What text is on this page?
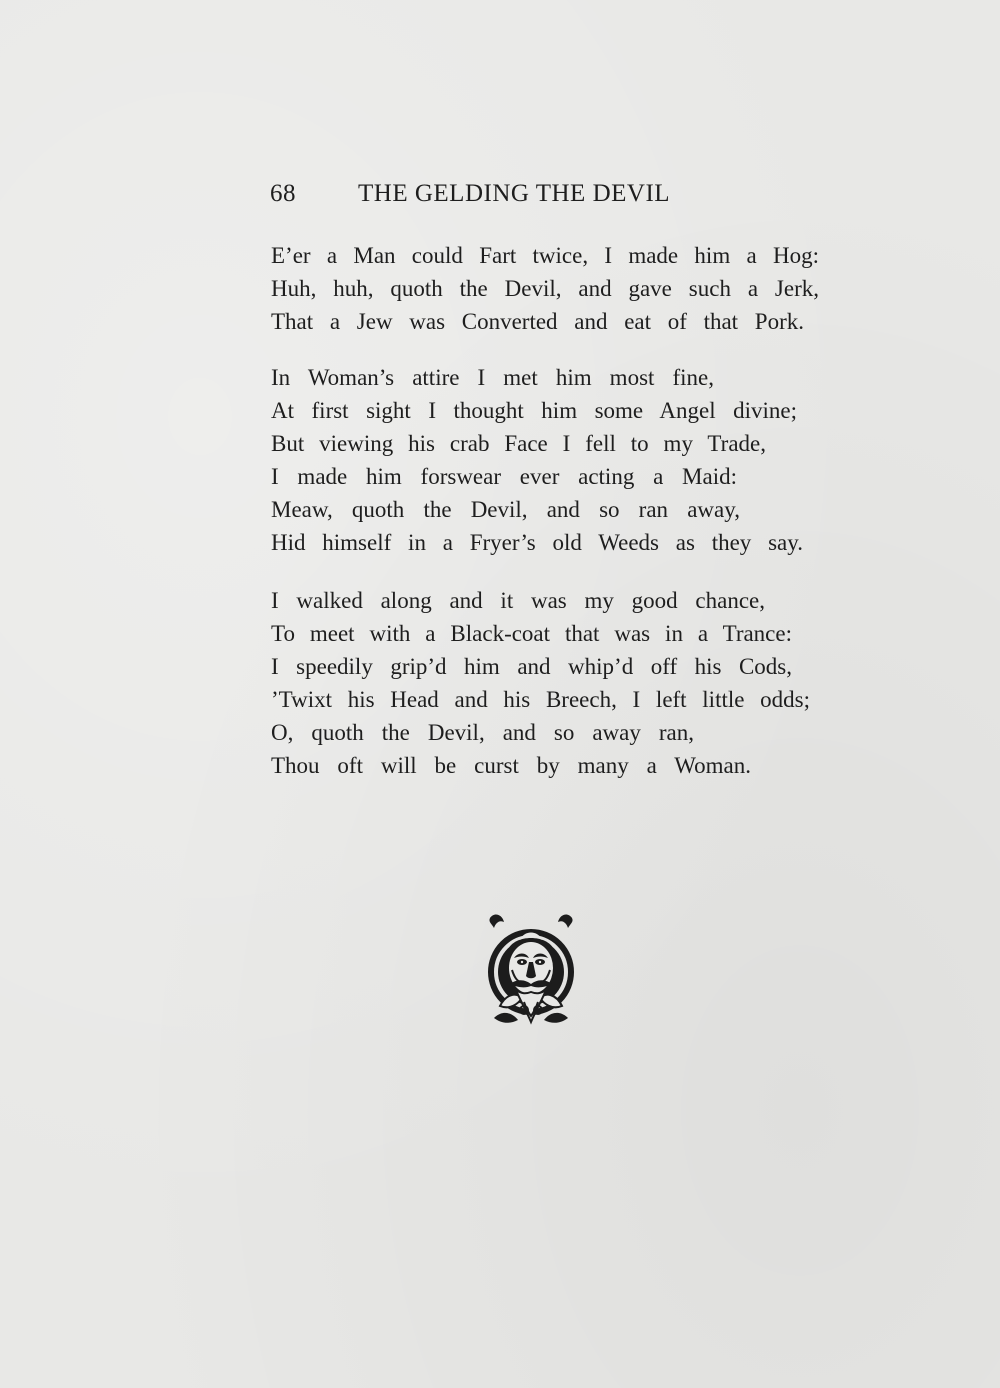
68 THE GELDING THE DEVIL
E’er a Man could Fart twice, I made him a Hog:
Huh, huh, quoth the Devil, and gave such a Jerk,
That a Jew was Converted and eat of that Pork.
In Woman’s attire I met him most fine,
At first sight I thought him some Angel divine;
But viewing his crab Face I fell to my Trade,
I made him forswear ever acting a Maid:
Meaw, quoth the Devil, and so ran away,
Hid himself in a Fryer’s old Weeds as they say.
I walked along and it was my good chance,
To meet with a Black-coat that was in a Trance:
I speedily grip’d him and whip’d off his Cods,
’Twixt his Head and his Breech, I left little odds;
O, quoth the Devil, and so away ran,
Thou oft will be curst by many a Woman.
